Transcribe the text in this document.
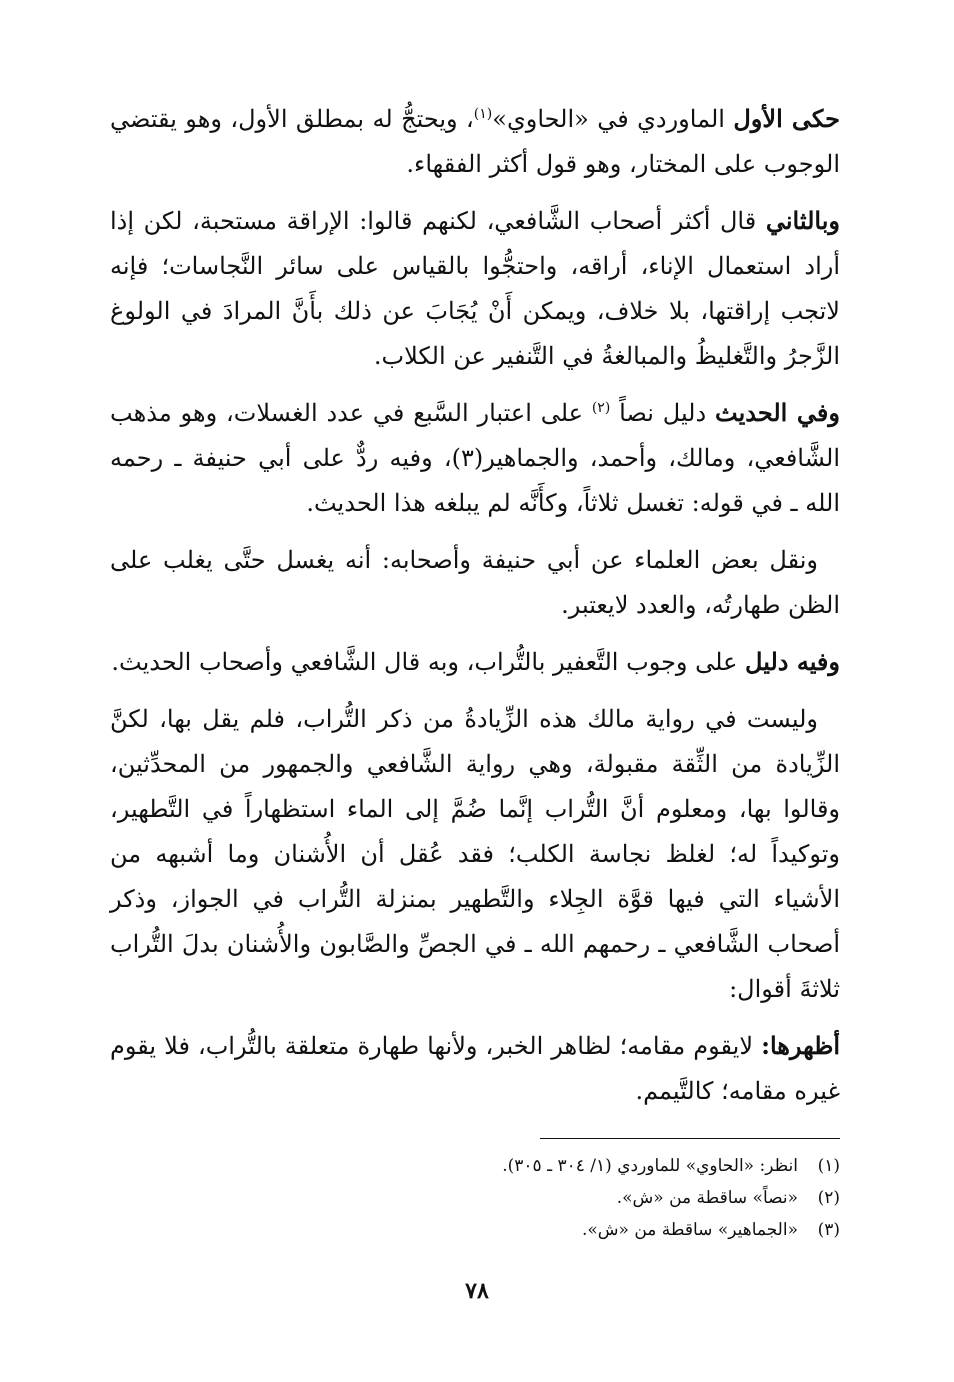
حكى الأول الماوردي في «الحاوي»$^{(١)}$، ويحتجُّ له بمطلق الأول، وهو يقتضي الوجوب على المختار، وهو قول أكثر الفقهاء.

وبالثاني قال أكثر أصحاب الشَّافعي، لكنهم قالوا: الإراقة مستحبة، لكن إذا أراد استعمال الإناء، أراقه، واحتجُّوا بالقياس على سائر النَّجاسات؛ فإنه لاتجب إراقتها، بلا خلاف، ويمكن أَنْ يُجَابَ عن ذلك بأَنَّ المرادَ في الولوغ الزَّجرُ والتَّغليظُ والمبالغةُ في التَّنفير عن الكلاب.

وفي الحديث دليل نصاً $^{(٢)}$ على اعتبار السَّبع في عدد الغسلات، وهو مذهب الشَّافعي، ومالك، وأحمد، والجماهير(٣)، وفيه ردٌّ على أبي حنيفة ـ رحمه الله ـ في قوله: تغسل ثلاثاً، وكأَنَّه لم يبلغه هذا الحديث.

ونقل بعض العلماء عن أبي حنيفة وأصحابه: أنه يغسل حتَّى يغلب على الظن طهارتُه، والعدد لايعتبر.

وفيه دليل على وجوب التَّعفير بالتُّراب، وبه قال الشَّافعي وأصحاب الحديث.

وليست في رواية مالك هذه الزِّيادةُ من ذكر التُّراب، فلم يقل بها، لكنَّ الزِّيادة من الثِّقة مقبولة، وهي رواية الشَّافعي والجمهور من المحدِّثين، وقالوا بها، ومعلوم أنَّ التُّراب إنَّما ضُمَّ إلى الماء استظهاراً في التَّطهير، وتوكيداً له؛ لغلظ نجاسة الكلب؛ فقد عُقل أن الأُشنان وما أشبهه من الأشياء التي فيها قوَّة الجِلاء والتَّطهير بمنزلة التُّراب في الجواز، وذكر أصحاب الشَّافعي ـ رحمهم الله ـ في الجصِّ والصَّابون والأُشنان بدلَ التُّراب ثلاثةَ أقوال:

أظهرها: لايقوم مقامه؛ لظاهر الخبر، ولأنها طهارة متعلقة بالتُّراب، فلا يقوم غيره مقامه؛ كالتَّيمم.

(١)انظر: «الحاوي» للماوردي (١/ ٣٠٤ ـ ٣٠٥).
(٢)«نصاً» ساقطة من «ش».
(٣)«الجماهير» ساقطة من «ش».
٧٨
